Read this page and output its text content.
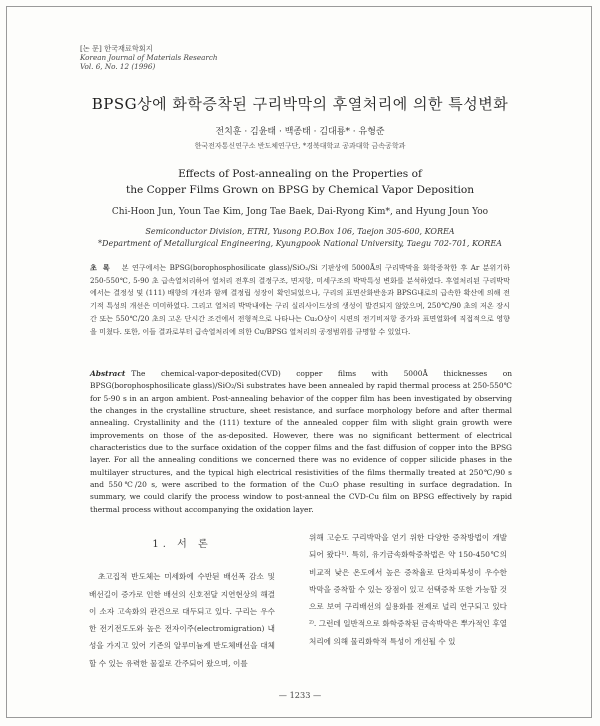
[논 문] 한국재료학회지
Korean Journal of Materials Research
Vol. 6, No. 12 (1996)
BPSG상에 화학증착된 구리박막의 후열처리에 의한 특성변화
전치훈 · 김윤태 · 백종태 · 김대룡* · 유형준
한국전자통신연구소 반도체연구단, *경북대학교 공과대학 금속공학과
Effects of Post-annealing on the Properties of
the Copper Films Grown on BPSG by Chemical Vapor Deposition
Chi-Hoon Jun, Youn Tae Kim, Jong Tae Baek, Dai-Ryong Kim*, and Hyung Joun Yoo
Semiconductor Division, ETRI, Yusong P.O.Box 106, Taejon 305-600, KOREA
*Department of Metallurgical Engineering, Kyungpook National University, Taegu 702-701, KOREA
초록 본 연구에서는 BPSG(borophosphosilicate glass)/SiO₂/Si 기판상에 5000Å의 구리박막을 화학증착한 후 Ar 분위기하 250-550℃, 5-90 초 급속열처리하여 열처리 전후의 결정구조, 면저항, 미세구조의 박막특성 변화를 분석하였다. 후열처리된 구리박막에서는 결정성 및 (111) 배향의 개선과 함께 결정립 성장이 확인되었으나, 구리의 표면산화반응과 BPSG내로의 급속한 확산에 의해 전기적 특성의 개선은 미미하였다. 그리고 열처리 박막내에는 구리 실리사이드상의 생성이 발견되지 않았으며, 250℃/90 초의 저온 장시간 또는 550℃/20 초의 고온 단시간 조건에서 전형적으로 나타나는 Cu₂O상이 시편의 전기비저항 증가와 표면열화에 직접적으로 영향을 미쳤다. 또한, 이들 결과로부터 급속열처리에 의한 Cu/BPSG 열처리의 공정범위를 규명할 수 있었다.
Abstract The chemical-vapor-deposited(CVD) copper films with 5000Å thicknesses on BPSG(borophosphosilicate glass)/SiO₂/Si substrates have been annealed by rapid thermal process at 250-550℃ for 5-90 s in an argon ambient. Post-annealing behavior of the copper film has been investigated by observing the changes in the crystalline structure, sheet resistance, and surface morphology before and after thermal annealing. Crystallinity and the (111) texture of the annealed copper film with slight grain growth were improvements on those of the as-deposited. However, there was no significant betterment of electrical characteristics due to the surface oxidation of the copper films and the fast diffusion of copper into the BPSG layer. For all the annealing conditions we concerned there was no evidence of copper silicide phases in the multilayer structures, and the typical high electrical resistivities of the films thermally treated at 250℃/90 s and 550℃/20 s, were ascribed to the formation of the Cu₂O phase resulting in surface degradation. In summary, we could clarify the process window to post-anneal the CVD-Cu film on BPSG effectively by rapid thermal process without accompanying the oxidation layer.
1. 서 론

초고집적 반도체는 미세화에 수반된 배선폭 감소 및 배선길이 증가로 인한 배선의 신호전달 지연현상의 해결이 소자 고속화의 관건으로 대두되고 있다. 구리는 우수한 전기전도도와 높은 전자이주(electromigration) 내성을 가지고 있어 기존의 알루미늄계 반도체배선을 대체할 수 있는 유력한 물질로 간주되어 왔으며, 이를

위해 고순도 구리박막을 얻기 위한 다양한 증착방법이 개발되어 왔다¹⁾. 특히, 유기금속화학증착법은 약 150-450℃의 비교적 낮은 온도에서 높은 증착율로 단차피복성이 우수한 박막을 증착할 수 있는 장점이 있고 선택증착 또한 가능할 것으로 보여 구리배선의 실용화를 전제로 널리 연구되고 있다²⁾. 그런데 일반적으로 화학증착된 금속박막은 뿌가적인 후열처리에 의해 물리화학적 특성이 개선될 수 있

— 1233 —
